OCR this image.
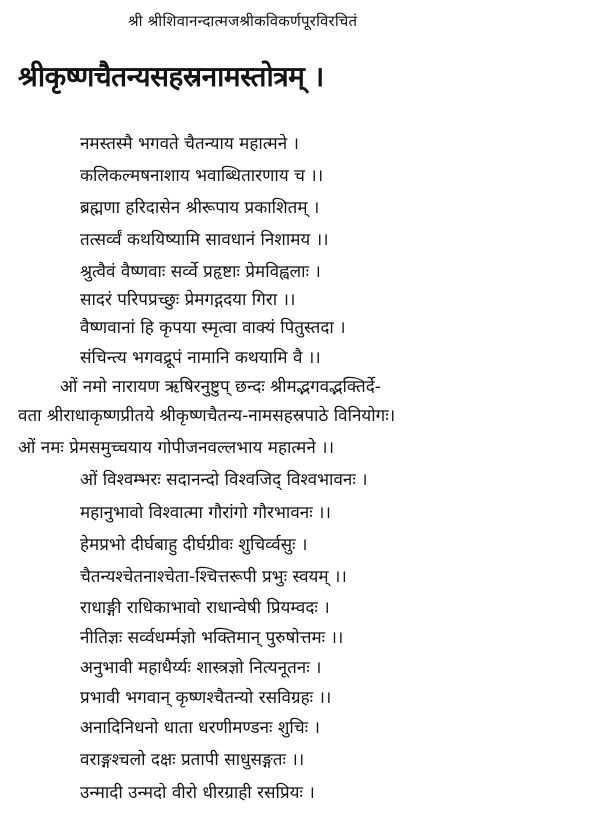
श्री श्रीशिवानन्दात्मजश्रीकविकर्णपूरविरचितं
श्रीकृष्णचैतन्यसहस्रनामस्तोत्रम् ।
नमस्तस्मै भगवते चैतन्याय महात्मने ।
कलिकल्मषनाशाय भवाब्धितारणाय च ।।
ब्रह्मणा हरिदासेन श्रीरूपाय प्रकाशितम् ।
तत्सर्व्वं कथयिष्यामि सावधानं निशामय ।।
श्रुत्वैवं वैष्णवाः सर्व्वे प्रहृष्टाः प्रेमविह्वलाः ।
सादरं परिपप्रच्छुः प्रेमगद्गदया गिरा ।।
वैष्णवानां हि कृपया स्मृत्वा वाक्यं पितुस्तदा ।
संचिन्त्य भगवद्रूपं नामानि कथयामि वै ।।
ओं नमो नारायण ऋषिरनुष्टुप् छन्दः श्रीमद्भगवद्भक्तिर्दे-
वता श्रीराधाकृष्णप्रीतये श्रीकृष्णचैतन्य-नामसहस्रपाठे विनियोगः।
ओं नमः प्रेमसमुच्चयाय गोपीजनवल्लभाय महात्मने ।।
ओं विश्वम्भरः सदानन्दो विश्वजिद् विश्वभावनः ।
महानुभावो विश्वात्मा गौरांगो गौरभावनः ।।
हेमप्रभो दीर्घबाहु दीर्घग्रीवः शुचिर्व्वसुः ।
चैतन्यश्चेतनाश्चेता-श्चित्तरूपी प्रभुः स्वयम् ।।
राधाङ्गी राधिकाभावो राधान्वेषी प्रियम्वदः ।
नीतिज्ञः सर्व्वधर्म्मज्ञो भक्तिमान् पुरुषोत्तमः ।।
अनुभावी महाधैर्य्यः शास्त्रज्ञो नित्यनूतनः ।
प्रभावी भगवान् कृष्णश्चैतन्यो रसविग्रहः ।।
अनादिनिधनो धाता धरणीमण्डनः शुचिः ।
वराङ्गश्चलो दक्षः प्रतापी साधुसङ्गतः ।।
उन्मादी उन्मदो वीरो धीरग्राही रसप्रियः ।
